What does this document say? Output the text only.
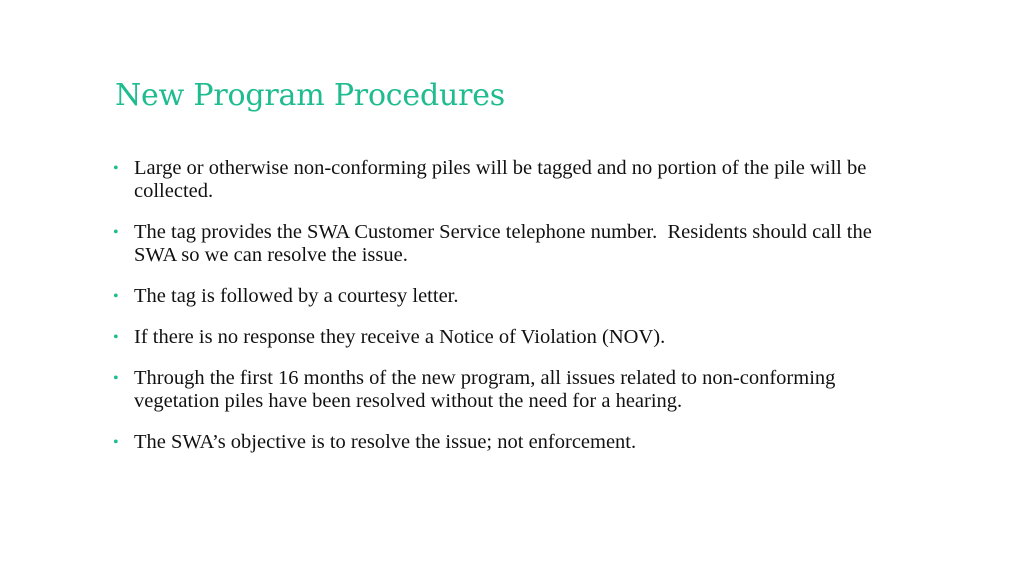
New Program Procedures
• Large or otherwise non-conforming piles will be tagged and no portion of the pile will be collected.
• The tag provides the SWA Customer Service telephone number.  Residents should call the SWA so we can resolve the issue.
• The tag is followed by a courtesy letter.
• If there is no response they receive a Notice of Violation (NOV).
• Through the first 16 months of the new program, all issues related to non-conforming vegetation piles have been resolved without the need for a hearing.
• The SWA’s objective is to resolve the issue; not enforcement.
